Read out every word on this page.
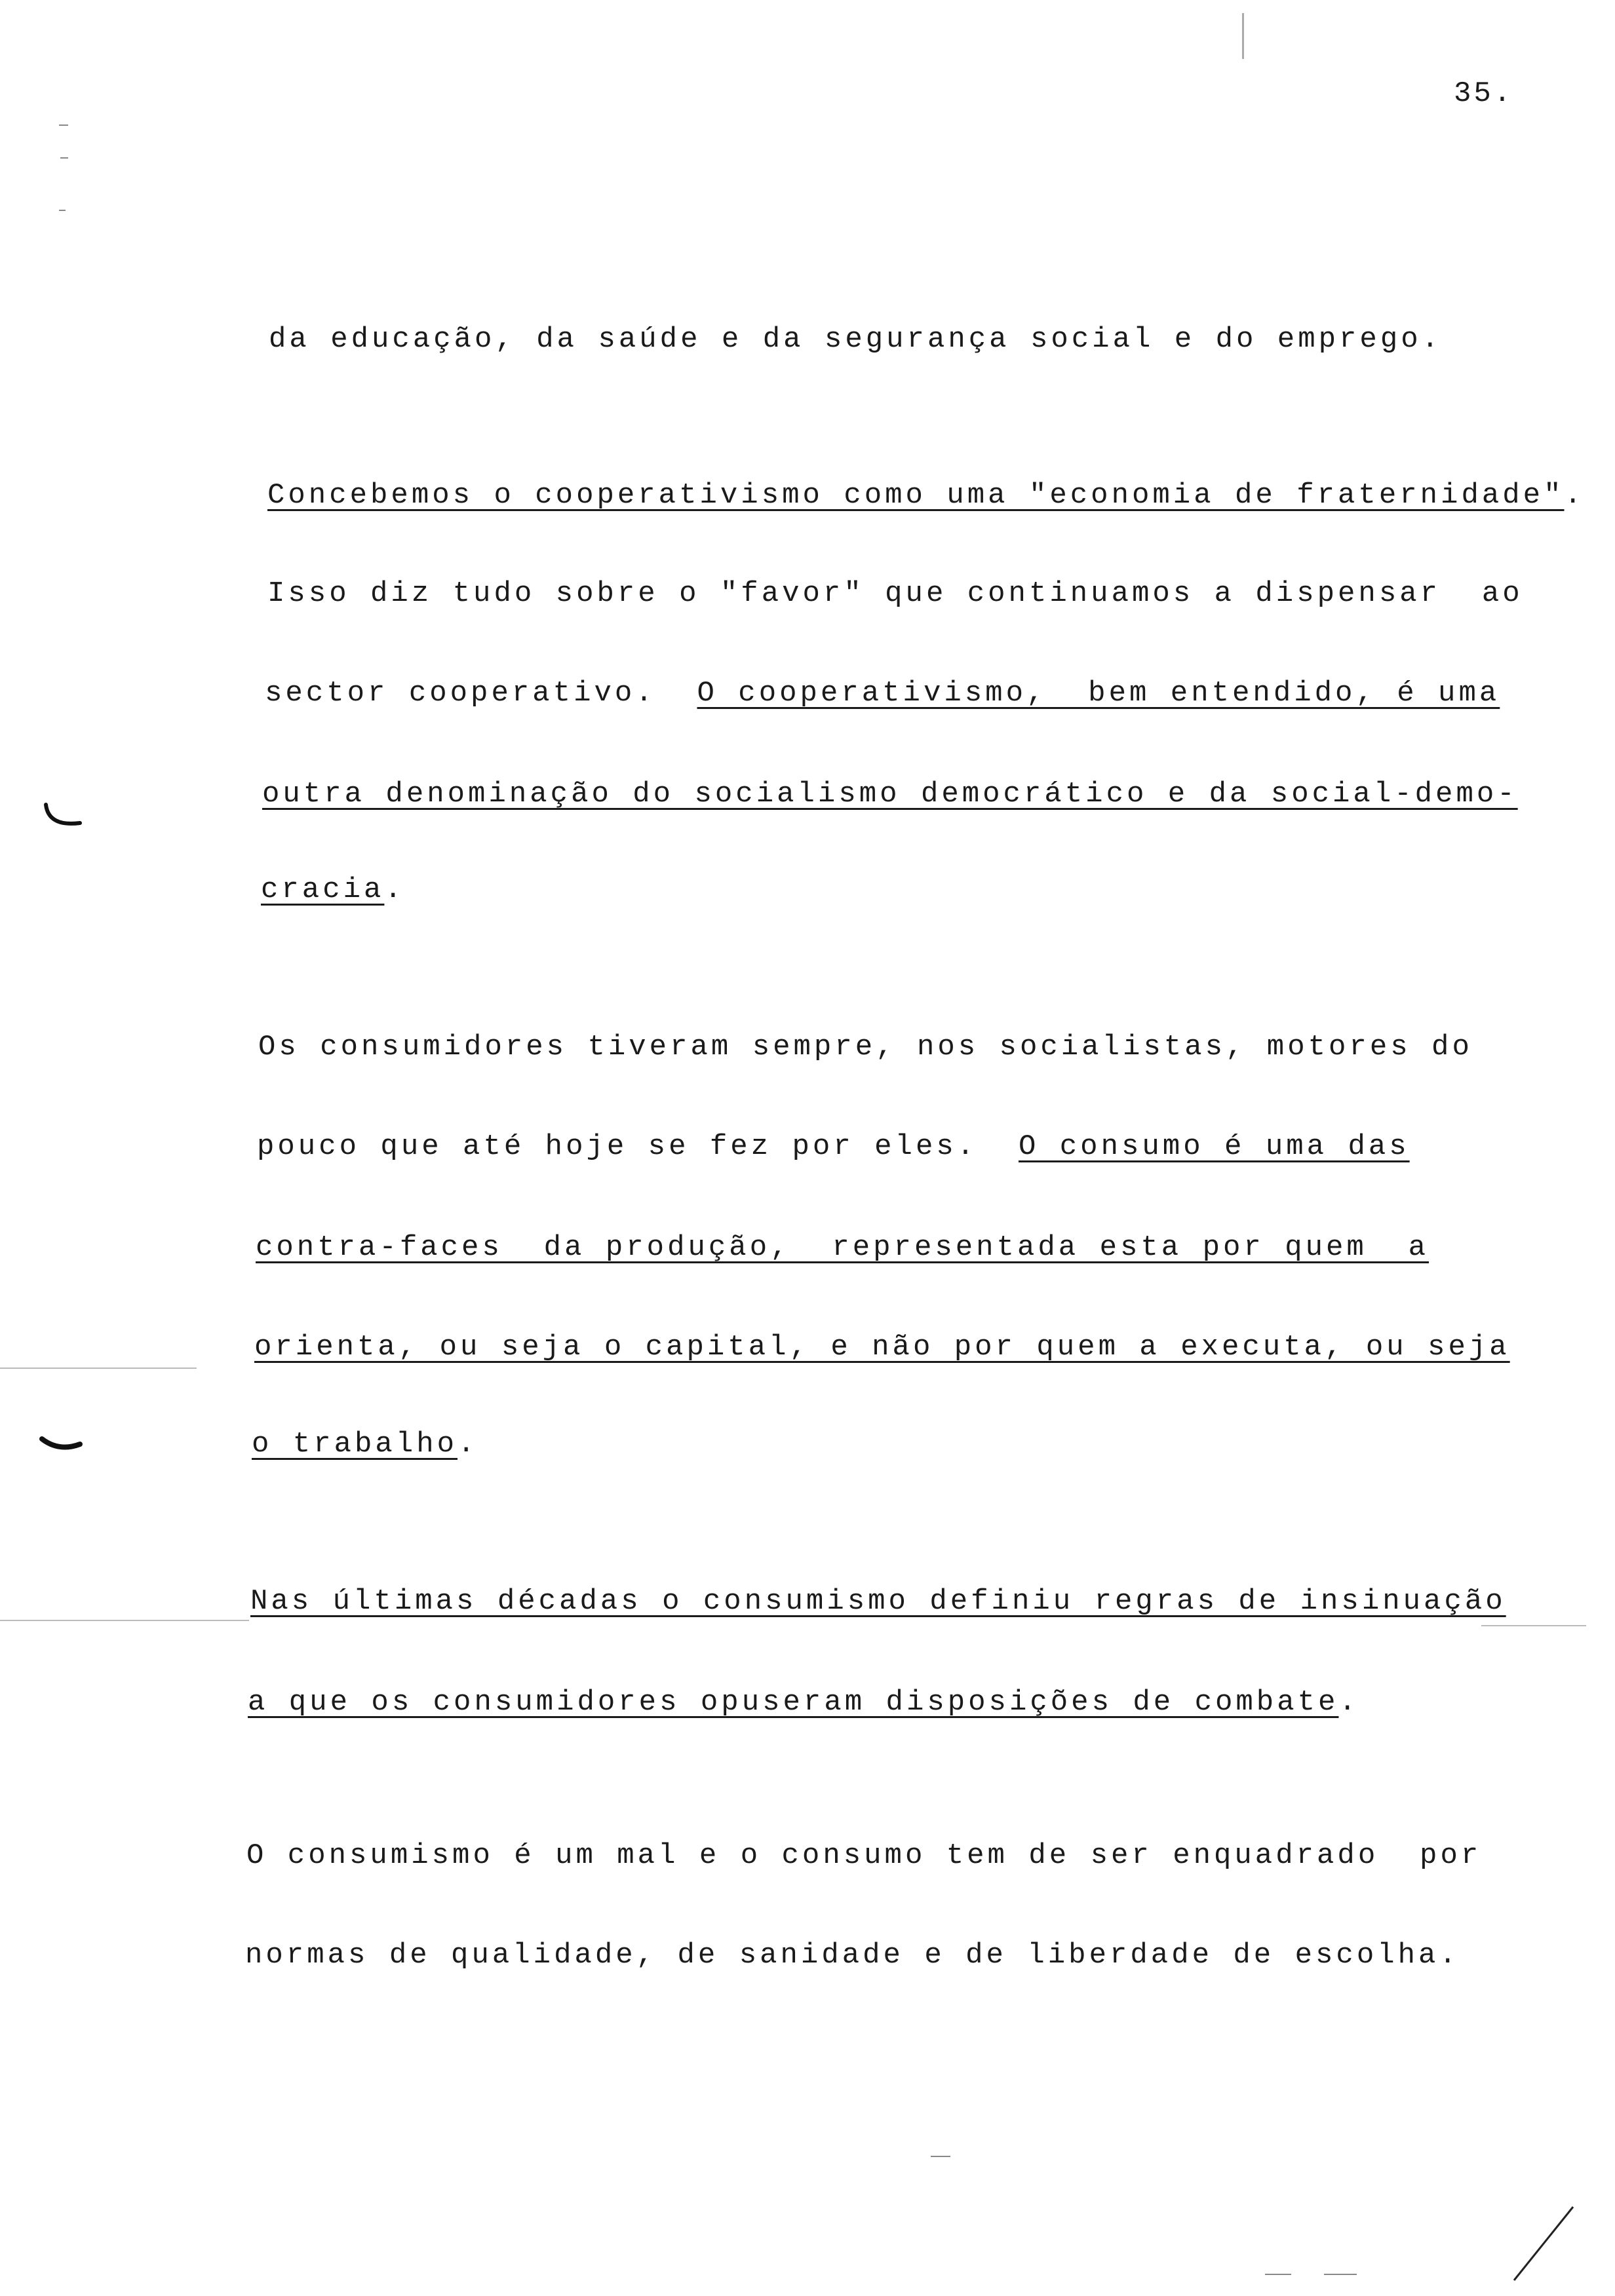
35.

da educação, da saúde e da segurança social e do emprego.

Concebemos o cooperativismo como uma "economia de fraternidade".

Isso diz tudo sobre o "favor" que continuamos a dispensar  ao

sector cooperativo.  O cooperativismo,  bem entendido, é uma

outra denominação do socialismo democrático e da social-demo-

cracia.

Os consumidores tiveram sempre, nos socialistas, motores do

pouco que até hoje se fez por eles.  O consumo é uma das

contra-faces  da produção,  representada esta por quem  a

orienta, ou seja o capital, e não por quem a executa, ou seja

o trabalho.

Nas últimas décadas o consumismo definiu regras de insinuação

a que os consumidores opuseram disposições de combate.

O consumismo é um mal e o consumo tem de ser enquadrado  por

normas de qualidade, de sanidade e de liberdade de escolha.
